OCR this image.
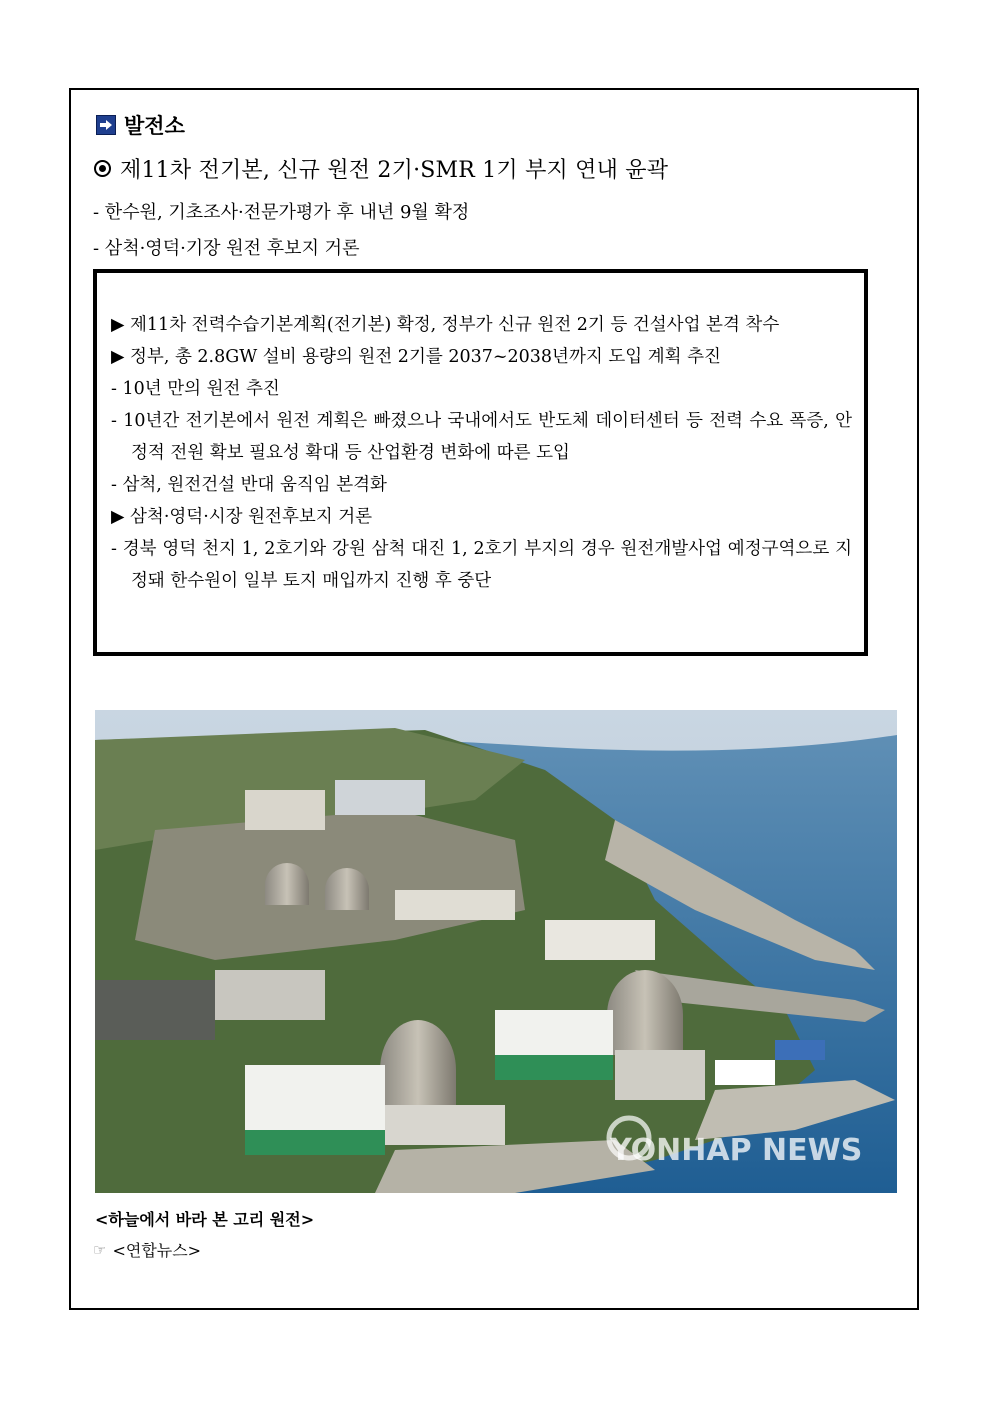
발전소
제11차 전기본, 신규 원전 2기·SMR 1기 부지 연내 윤곽
- 한수원, 기초조사·전문가평가 후 내년 9월 확정
- 삼척·영덕·기장 원전 후보지 거론
▶ 제11차 전력수습기본계획(전기본) 확정, 정부가 신규 원전 2기 등 건설사업 본격 착수
▶ 정부, 총 2.8GW 설비 용량의 원전 2기를 2037~2038년까지 도입 계획 추진
- 10년 만의 원전 추진
- 10년간 전기본에서 원전 계획은 빠졌으나 국내에서도 반도체 데이터센터 등 전력 수요 폭증, 안정적 전원 확보 필요성 확대 등 산업환경 변화에 따른 도입
- 삼척, 원전건설 반대 움직임 본격화
▶ 삼척·영덕·시장 원전후보지 거론
- 경북 영덕 천지 1, 2호기와 강원 삼척 대진 1, 2호기 부지의 경우 원전개발사업 예정구역으로 지정돼 한수원이 일부 토지 매입까지 진행 후 중단
YONHAP NEWS
<하늘에서 바라 본 고리 원전>
☞ <연합뉴스>
